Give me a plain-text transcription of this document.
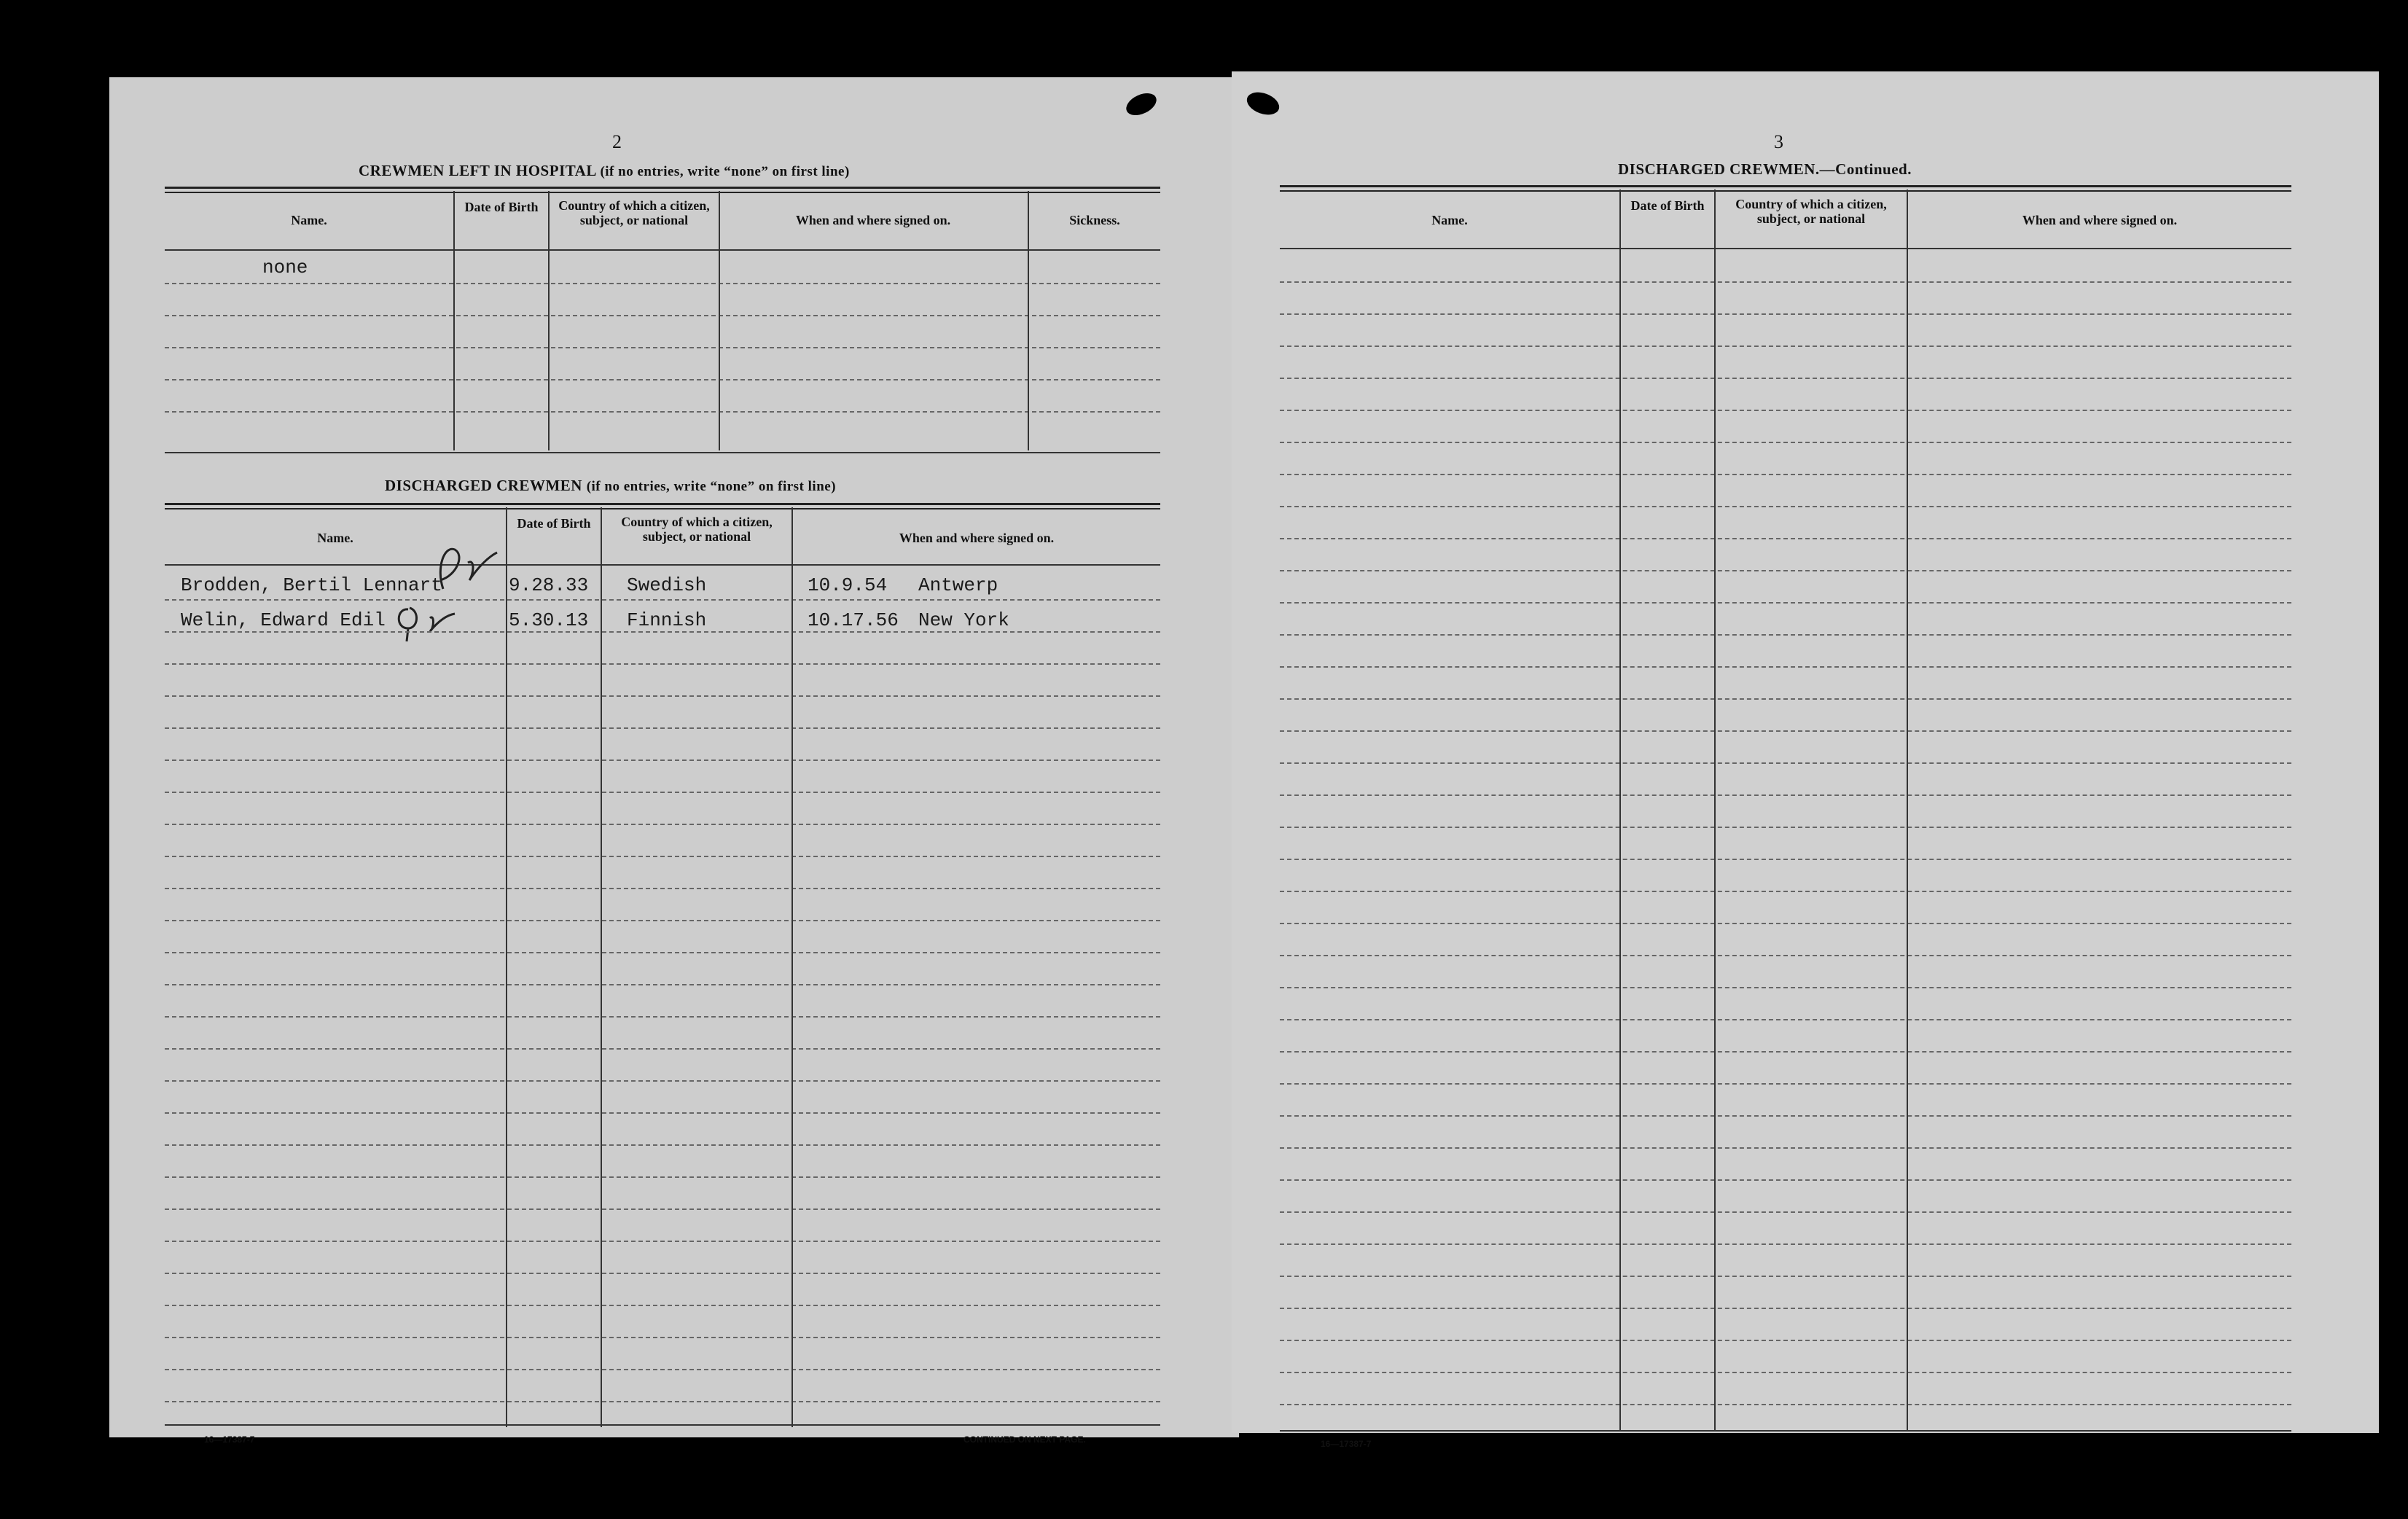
2
CREWMEN LEFT IN HOSPITAL (if no entries, write “none” on first line)
Name.
Date of Birth	Country of which a citizen, subject, or national	When and where signed on.	Sickness.
none
DISCHARGED CREWMEN (if no entries, write “none” on first line)
Name.
Date of Birth	Country of which a citizen, subject, or national	When and where signed on.
Brodden, Bertil Lennart	9.28.33 Swedish	10.9.54 Antwerp
Welin, Edward Edil	5.30.13 Finnish	10.17.56 New York
16—17387-7	CONTINUED ON NEXT PAGE.
3
DISCHARGED CREWMEN.—Continued.
Name.
Date of Birth	Country of which a citizen, subject, or national	When and where signed on.
16—17387-7
